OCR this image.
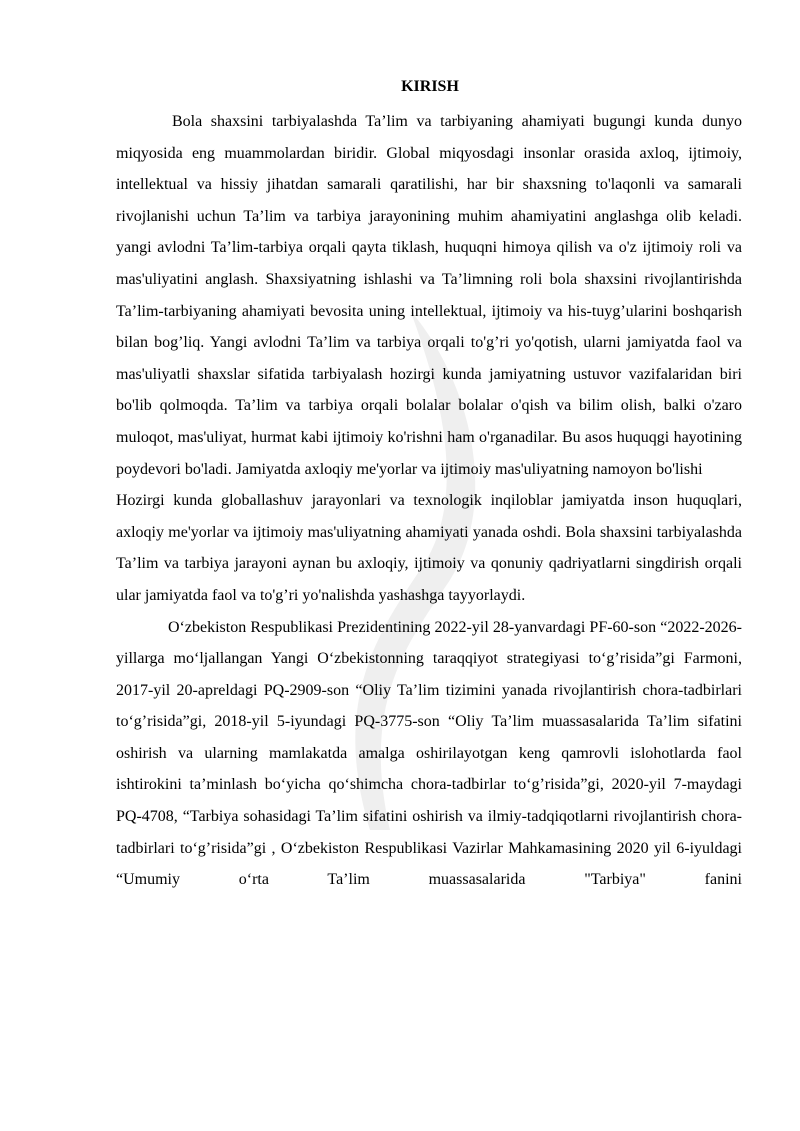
KIRISH

Bola shaxsini tarbiyalashda Ta’lim va tarbiyaning ahamiyati bugungi kunda dunyo miqyosida eng muammolardan biridir. Global miqyosdagi insonlar orasida axloq, ijtimoiy, intellektual va hissiy jihatdan samarali qaratilishi, har bir shaxsning to'laqonli va samarali rivojlanishi uchun Ta’lim va tarbiya jarayonining muhim ahamiyatini anglashga olib keladi. yangi avlodni Ta’lim-tarbiya orqali qayta tiklash, huquqni himoya qilish va o'z ijtimoiy roli va mas'uliyatini anglash. Shaxsiyatning ishlashi va Ta’limning roli bola shaxsini rivojlantirishda Ta’lim-tarbiyaning ahamiyati bevosita uning intellektual, ijtimoiy va his-tuyg’ularini boshqarish bilan bog’liq. Yangi avlodni Ta’lim va tarbiya orqali to'g’ri yo'qotish, ularni jamiyatda faol va mas'uliyatli shaxslar sifatida tarbiyalash hozirgi kunda jamiyatning ustuvor vazifalaridan biri bo'lib qolmoqda. Ta’lim va tarbiya orqali bolalar bolalar o'qish va bilim olish, balki o'zaro muloqot, mas'uliyat, hurmat kabi ijtimoiy ko'rishni ham o'rganadilar. Bu asos huquqgi hayotining poydevori bo'ladi. Jamiyatda axloqiy me'yorlar va ijtimoiy mas'uliyatning namoyon bo'lishi

Hozirgi kunda globallashuv jarayonlari va texnologik inqiloblar jamiyatda inson huquqlari, axloqiy me'yorlar va ijtimoiy mas'uliyatning ahamiyati yanada oshdi. Bola shaxsini tarbiyalashda Ta’lim va tarbiya jarayoni aynan bu axloqiy, ijtimoiy va qonuniy qadriyatlarni singdirish orqali ular jamiyatda faol va to'g’ri yo'nalishda yashashga tayyorlaydi.

O‘zbekiston Respublikasi Prezidentining 2022-yil 28-yanvardagi PF-60-son “2022-2026-yillarga mo‘ljallangan Yangi O‘zbekistonning taraqqiyot strategiyasi to‘g’risida”gi Farmoni, 2017-yil 20-apreldagi PQ-2909-son “Oliy Ta’lim tizimini yanada rivojlantirish chora-tadbirlari to‘g’risida”gi, 2018-yil 5-iyundagi PQ-3775-son “Oliy Ta’lim muassasalarida Ta’lim sifatini oshirish va ularning mamlakatda amalga oshirilayotgan keng qamrovli islohotlarda faol ishtirokini ta’minlash bo‘yicha qo‘shimcha chora-tadbirlar to‘g’risida”gi, 2020-yil 7-maydagi PQ-4708, “Tarbiya sohasidagi Ta’lim sifatini oshirish va ilmiy-tadqiqotlarni rivojlantirish chora-tadbirlari to‘g’risida”gi , O‘zbekiston Respublikasi Vazirlar Mahkamasining 2020 yil 6-iyuldagi “Umumiy o‘rta Ta’lim muassasalarida "Tarbiya" fanini
